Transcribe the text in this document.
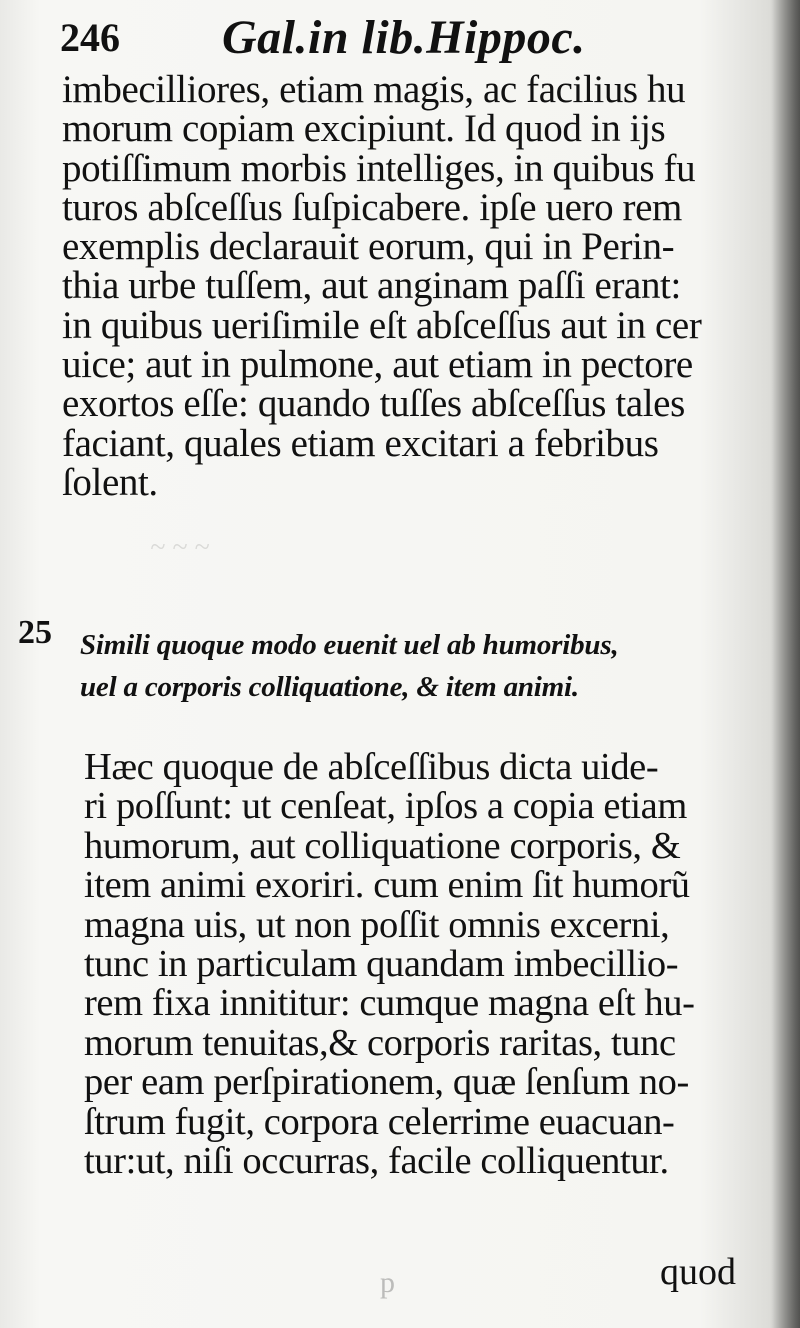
~ ~ ~
246 Gal.in lib.Hippoc.
imbecilliores, etiam magis, ac facilius hu
morum copiam excipiunt. Id quod in ijs
potiſſimum morbis intelliges, in quibus fu
turos abſceſſus ſuſpicabere. ipſe uero rem
exemplis declarauit eorum, qui in Perin-
thia urbe tuſſem, aut anginam paſſi erant:
in quibus ueriſimile eſt abſceſſus aut in cer
uice; aut in pulmone, aut etiam in pectore
exortos eſſe: quando tuſſes abſceſſus tales
faciant, quales etiam excitari a febribus
ſolent.
25 Simili quoque modo euenit uel ab humoribus,
uel a corporis colliquatione, & item animi.
Hæc quoque de abſceſſibus dicta uide-
ri poſſunt: ut cenſeat, ipſos a copia etiam
humorum, aut colliquatione corporis, &
item animi exoriri. cum enim ſit humorũ
magna uis, ut non poſſit omnis excerni,
tunc in particulam quandam imbecillio-
rem fixa innititur: cumque magna eſt hu-
morum tenuitas,& corporis raritas, tunc
per eam perſpirationem, quæ ſenſum no-
ſtrum fugit, corpora celerrime euacuan-
tur:ut, niſi occurras, facile colliquentur.
p	quod
